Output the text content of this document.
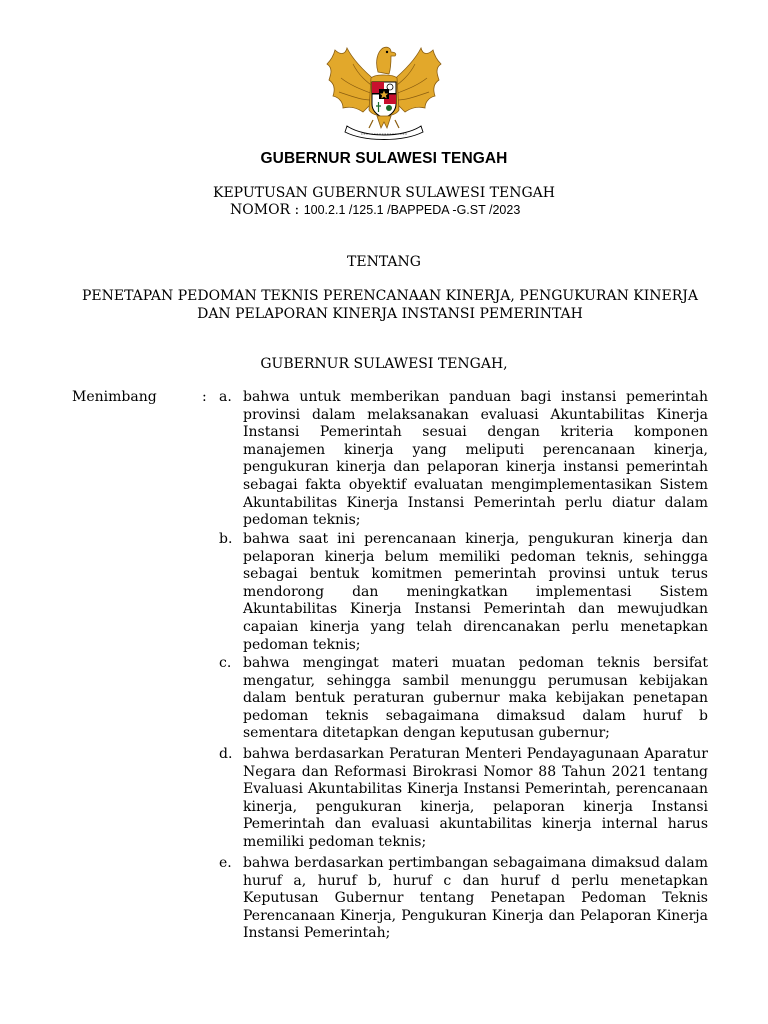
GUBERNUR SULAWESI TENGAH
KEPUTUSAN GUBERNUR SULAWESI TENGAH
NOMOR : 100.2.1 /125.1 /BAPPEDA -G.ST /2023
TENTANG
PENETAPAN PEDOMAN TEKNIS PERENCANAAN KINERJA, PENGUKURAN KINERJA
DAN PELAPORAN KINERJA INSTANSI PEMERINTAH
GUBERNUR SULAWESI TENGAH,
Menimbang	: a. bahwa untuk memberikan panduan bagi instansi pemerintah provinsi dalam melaksanakan evaluasi Akuntabilitas Kinerja Instansi Pemerintah sesuai dengan kriteria komponen manajemen kinerja yang meliputi perencanaan kinerja, pengukuran kinerja dan pelaporan kinerja instansi pemerintah sebagai fakta obyektif evaluatan mengimplementasikan Sistem Akuntabilitas Kinerja Instansi Pemerintah perlu diatur dalam pedoman teknis;
b. bahwa saat ini perencanaan kinerja, pengukuran kinerja dan pelaporan kinerja belum memiliki pedoman teknis, sehingga sebagai bentuk komitmen pemerintah provinsi untuk terus mendorong dan meningkatkan implementasi Sistem Akuntabilitas Kinerja Instansi Pemerintah dan mewujudkan capaian kinerja yang telah direncanakan perlu menetapkan pedoman teknis;
c. bahwa mengingat materi muatan pedoman teknis bersifat mengatur, sehingga sambil menunggu perumusan kebijakan dalam bentuk peraturan gubernur maka kebijakan penetapan pedoman teknis sebagaimana dimaksud dalam huruf b sementara ditetapkan dengan keputusan gubernur;
d. bahwa berdasarkan Peraturan Menteri Pendayagunaan Aparatur Negara dan Reformasi Birokrasi Nomor 88 Tahun 2021 tentang Evaluasi Akuntabilitas Kinerja Instansi Pemerintah, perencanaan kinerja, pengukuran kinerja, pelaporan kinerja Instansi Pemerintah dan evaluasi akuntabilitas kinerja internal harus memiliki pedoman teknis;
e. bahwa berdasarkan pertimbangan sebagaimana dimaksud dalam huruf a, huruf b, huruf c dan huruf d perlu menetapkan Keputusan Gubernur tentang Penetapan Pedoman Teknis Perencanaan Kinerja, Pengukuran Kinerja dan Pelaporan Kinerja Instansi Pemerintah;
